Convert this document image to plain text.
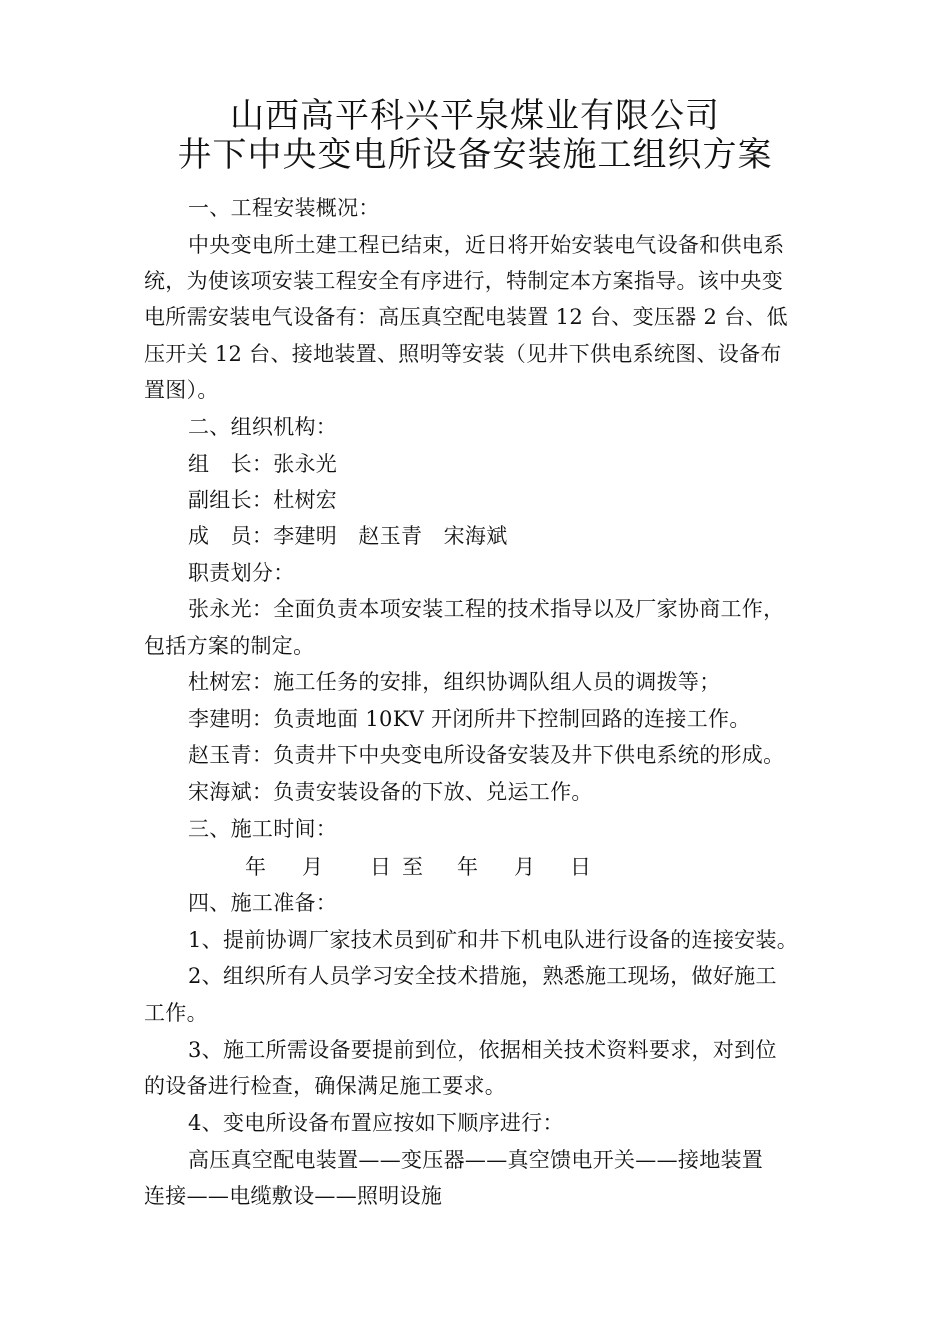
山西高平科兴平泉煤业有限公司
井下中央变电所设备安装施工组织方案
一、工程安装概况：
中央变电所土建工程已结束，近日将开始安装电气设备和供电系
统，为使该项安装工程安全有序进行，特制定本方案指导。该中央变
电所需安装电气设备有：高压真空配电装置 12 台、变压器 2 台、低
压开关 12 台、接地装置、照明等安装（见井下供电系统图、设备布
置图）。
二、组织机构：
组　长：张永光
副组长：杜树宏
成　员：李建明　赵玉青　宋海斌
职责划分：
张永光：全面负责本项安装工程的技术指导以及厂家协商工作，
包括方案的制定。
杜树宏：施工任务的安排，组织协调队组人员的调拨等；
李建明：负责地面 10KV 开闭所井下控制回路的连接工作。
赵玉青：负责井下中央变电所设备安装及井下供电系统的形成。
宋海斌：负责安装设备的下放、兑运工作。
三、施工时间：
年 月 日 至 年 月 日
四、施工准备：
1、提前协调厂家技术员到矿和井下机电队进行设备的连接安装。
2、组织所有人员学习安全技术措施，熟悉施工现场，做好施工
工作。
3、施工所需设备要提前到位，依据相关技术资料要求，对到位
的设备进行检查，确保满足施工要求。
4、变电所设备布置应按如下顺序进行：
高压真空配电装置——变压器——真空馈电开关——接地装置
连接——电缆敷设——照明设施
